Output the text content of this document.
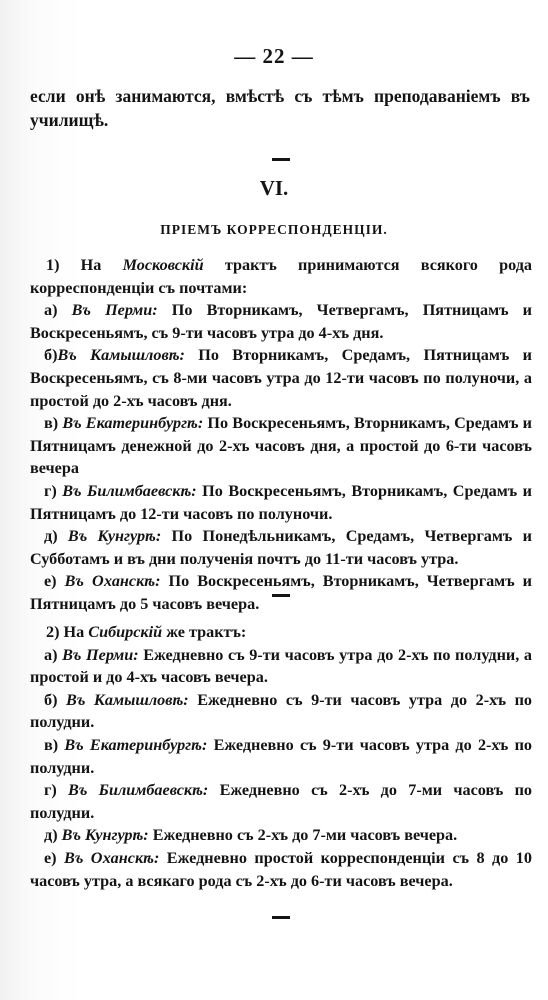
— 22 —
если онѣ занимаются, вмѣстѣ съ тѣмъ преподаваніемъ въ училищѣ.
VI.
ПРІЕМЪ КОРРЕСПОНДЕНЦІИ.

1) На Московскій трактъ принимаются всякого рода корреспонденціи съ почтами:

а) Въ Перми: По Вторникамъ, Четвергамъ, Пятницамъ и Воскресеньямъ, съ 9-ти часовъ утра до 4-хъ дня.

б)Въ Камышловѣ: По Вторникамъ, Средамъ, Пятницамъ и Воскресеньямъ, съ 8-ми часовъ утра до 12-ти часовъ по полуночи, а простой до 2-хъ часовъ дня.

в) Въ Екатеринбургѣ: По Воскресеньямъ, Вторникамъ, Средамъ и Пятницамъ денежной до 2-хъ часовъ дня, а простой до 6-ти часовъ вечера

г) Въ Билимбаевскѣ: По Воскресеньямъ, Вторникамъ, Средамъ и Пятницамъ до 12-ти часовъ по полуночи.

д) Въ Кунгурѣ: По Понедѣльникамъ, Средамъ, Четвергамъ и Субботамъ и въ дни полученія почтъ до 11-ти часовъ утра.

е) Въ Оханскѣ: По Воскресеньямъ, Вторникамъ, Четвергамъ и Пятницамъ до 5 часовъ вечера.

2) На Сибирскій же трактъ:

а) Въ Перми: Ежедневно съ 9-ти часовъ утра до 2-хъ по полудни, а простой и до 4-хъ часовъ вечера.

б) Въ Камышловѣ: Ежедневно съ 9-ти часовъ утра до 2-хъ по полудни.

в) Въ Екатеринбургѣ: Ежедневно съ 9-ти часовъ утра до 2-хъ по полудни.

г) Въ Билимбаевскѣ: Ежедневно съ 2-хъ до 7-ми часовъ по полудни.

д) Въ Кунгурѣ: Ежедневно съ 2-хъ до 7-ми часовъ вечера.

е) Въ Оханскѣ: Ежедневно простой корреспонденціи съ 8 до 10 часовъ утра, а всякаго рода съ 2-хъ до 6-ти часовъ вечера.
